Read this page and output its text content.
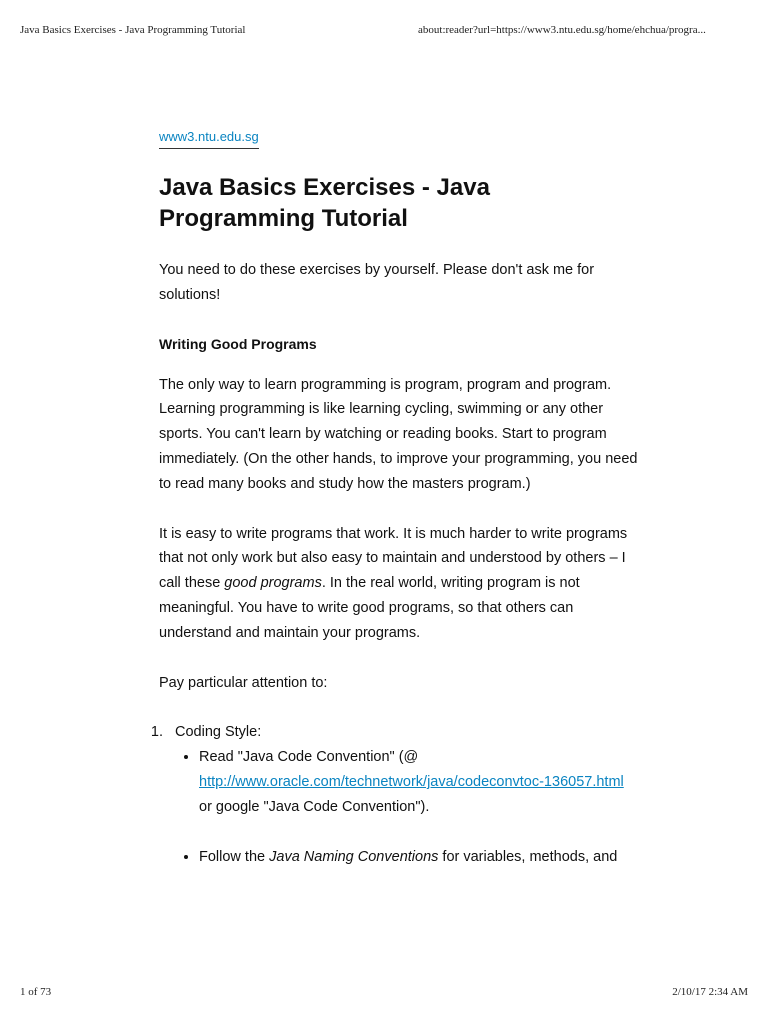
Java Basics Exercises - Java Programming Tutorial	about:reader?url=https://www3.ntu.edu.sg/home/ehchua/progra...
www3.ntu.edu.sg
Java Basics Exercises - Java Programming Tutorial

You need to do these exercises by yourself. Please don't ask me for solutions!

Writing Good Programs

The only way to learn programming is program, program and program. Learning programming is like learning cycling, swimming or any other sports. You can't learn by watching or reading books. Start to program immediately. (On the other hands, to improve your programming, you need to read many books and study how the masters program.)

It is easy to write programs that work. It is much harder to write programs that not only work but also easy to maintain and understood by others – I call these good programs. In the real world, writing program is not meaningful. You have to write good programs, so that others can understand and maintain your programs.

Pay particular attention to:

1. Coding Style:
• Read "Java Code Convention" (@ http://www.oracle.com/technetwork/java/codeconvtoc-136057.html or google "Java Code Convention").
• Follow the Java Naming Conventions for variables, methods, and
1 of 73	2/10/17 2:34 AM
